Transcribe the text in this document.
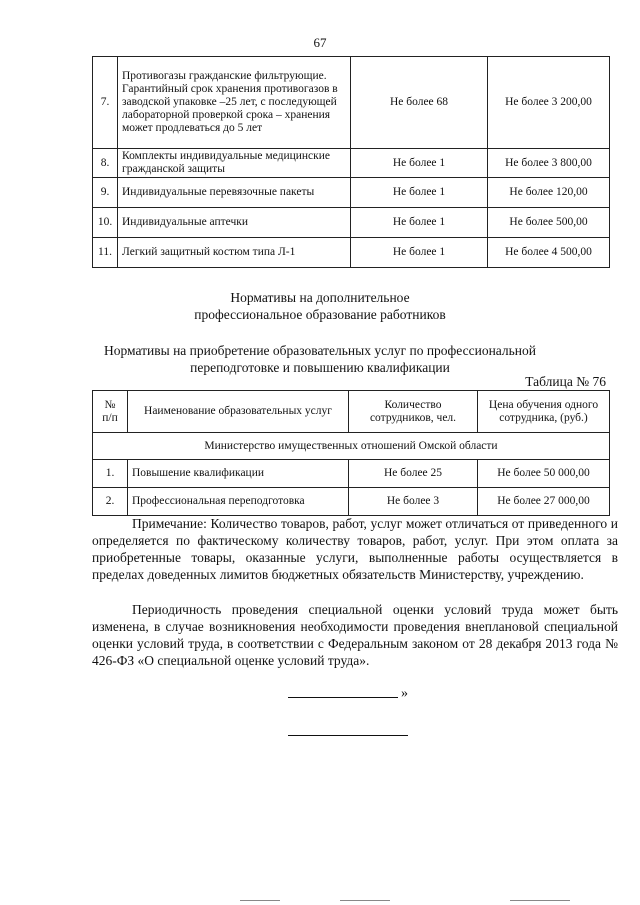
67
7.	Противогазы гражданские фильтрующие. Гарантийный срок хранения противогазов в заводской упаковке –25 лет, с последующей лабораторной проверкой срока – хранения может продлеваться до 5 лет	Не более 68	Не более 3 200,00
8.	Комплекты индивидуальные медицинские гражданской защиты	Не более 1	Не более 3 800,00
9.	Индивидуальные перевязочные пакеты	Не более 1	Не более 120,00
10.	Индивидуальные аптечки	Не более 1	Не более 500,00
11.	Легкий защитный костюм типа Л-1	Не более 1	Не более 4 500,00
Нормативы на дополнительное
профессиональное образование работников
Нормативы на приобретение образовательных услуг по профессиональной
переподготовке и повышению квалификации
Таблица № 76
№
п/п	Наименование образовательных услуг	Количество сотрудников, чел.	Цена обучения одного сотрудника, (руб.)
Министерство имущественных отношений Омской области			
1.	Повышение квалификации	Не более 25	Не более 50 000,00
2.	Профессиональная переподготовка	Не более 3	Не более 27 000,00

Примечание: Количество товаров, работ, услуг может отличаться от приведенного и определяется по фактическому количеству товаров, работ, услуг. При этом оплата за приобретенные товары, оказанные услуги, выполненные работы осуществляется в пределах доведенных лимитов бюджетных обязательств Министерству, учреждению.

Периодичность проведения специальной оценки условий труда может быть изменена, в случае возникновения необходимости проведения внеплановой специальной оценки условий труда, в соответствии с Федеральным законом от 28 декабря 2013 года № 426-ФЗ «О специальной оценке условий труда».

»
